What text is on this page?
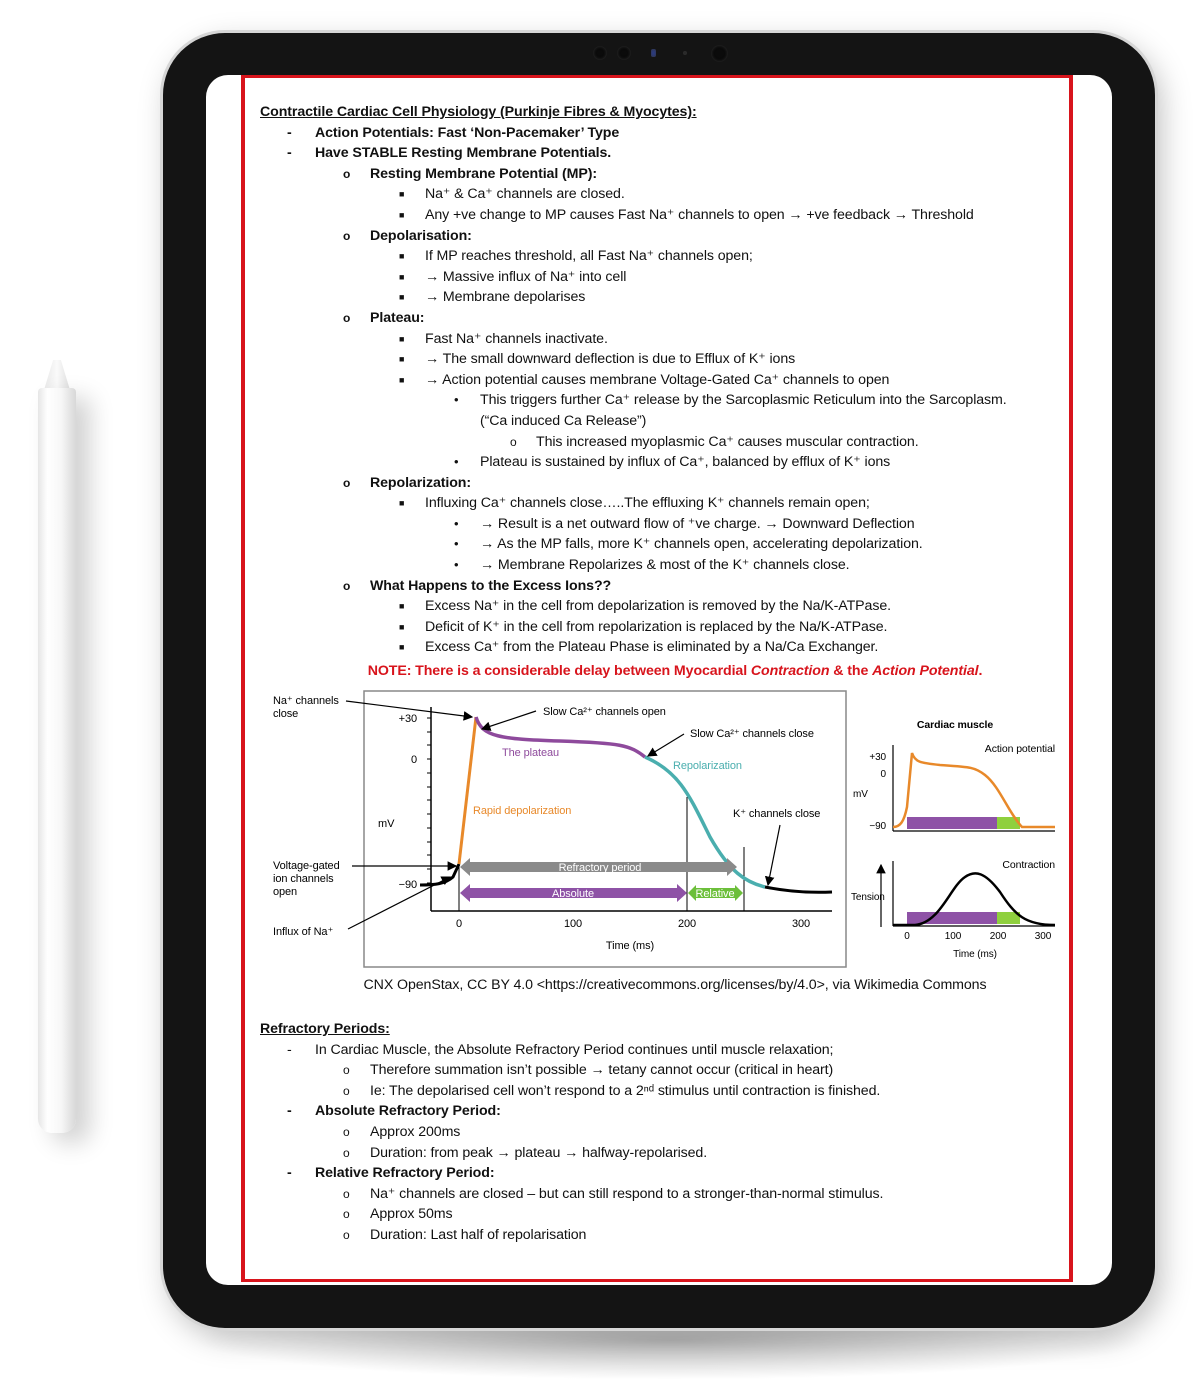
Contractile Cardiac Cell Physiology (Purkinje Fibres & Myocytes):
- Action Potentials: Fast ‘Non-Pacemaker’ Type
- Have STABLE Resting Membrane Potentials.
o Resting Membrane Potential (MP):
■ Na⁺ & Ca⁺ channels are closed.
■ Any +ve change to MP causes Fast Na⁺ channels to open → +ve feedback → Threshold
o Depolarisation:
■ If MP reaches threshold, all Fast Na⁺ channels open;
■ → Massive influx of Na⁺ into cell
■ → Membrane depolarises
o Plateau:
■ Fast Na⁺ channels inactivate.
■ → The small downward deflection is due to Efflux of K⁺ ions
■ → Action potential causes membrane Voltage-Gated Ca⁺ channels to open
• This triggers further Ca⁺ release by the Sarcoplasmic Reticulum into the Sarcoplasm.
(“Ca induced Ca Release”)
o This increased myoplasmic Ca⁺ causes muscular contraction.
• Plateau is sustained by influx of Ca⁺, balanced by efflux of K⁺ ions
o Repolarization:
■ Influxing Ca⁺ channels close…..The effluxing K⁺ channels remain open;
• → Result is a net outward flow of ⁺ve charge. → Downward Deflection
• → As the MP falls, more K⁺ channels open, accelerating depolarization.
• → Membrane Repolarizes & most of the K⁺ channels close.
o What Happens to the Excess Ions??
■ Excess Na⁺ in the cell from depolarization is removed by the Na/K-ATPase.
■ Deficit of K⁺ in the cell from repolarization is replaced by the Na/K-ATPase.
■ Excess Ca⁺ from the Plateau Phase is eliminated by a Na/Ca Exchanger.
NOTE: There is a considerable delay between Myocardial Contraction & the Action Potential.
+30
0
−90
mV
Refractory period
Absolute	Relative
0	100	200	300
Time (ms)
Na⁺ channels
close	Slow Ca²⁺ channels open
Slow Ca²⁺ channels close
The plateau
Repolarization
Rapid depolarization	K⁺ channels close
Voltage-gated
ion channels
open
Influx of Na⁺
Cardiac muscle
Action potential
+30
0
−90
mV
Contraction
Tension
0	100	200	300
Time (ms)
CNX OpenStax, CC BY 4.0 <https://creativecommons.org/licenses/by/4.0>, via Wikimedia Commons
Refractory Periods:
- In Cardiac Muscle, the Absolute Refractory Period continues until muscle relaxation;
o Therefore summation isn’t possible → tetany cannot occur (critical in heart)
o Ie: The depolarised cell won’t respond to a 2ⁿᵈ stimulus until contraction is finished.
- Absolute Refractory Period:
o Approx 200ms
o Duration: from peak → plateau → halfway-repolarised.
- Relative Refractory Period:
o Na⁺ channels are closed – but can still respond to a stronger-than-normal stimulus.
o Approx 50ms
o Duration: Last half of repolarisation
